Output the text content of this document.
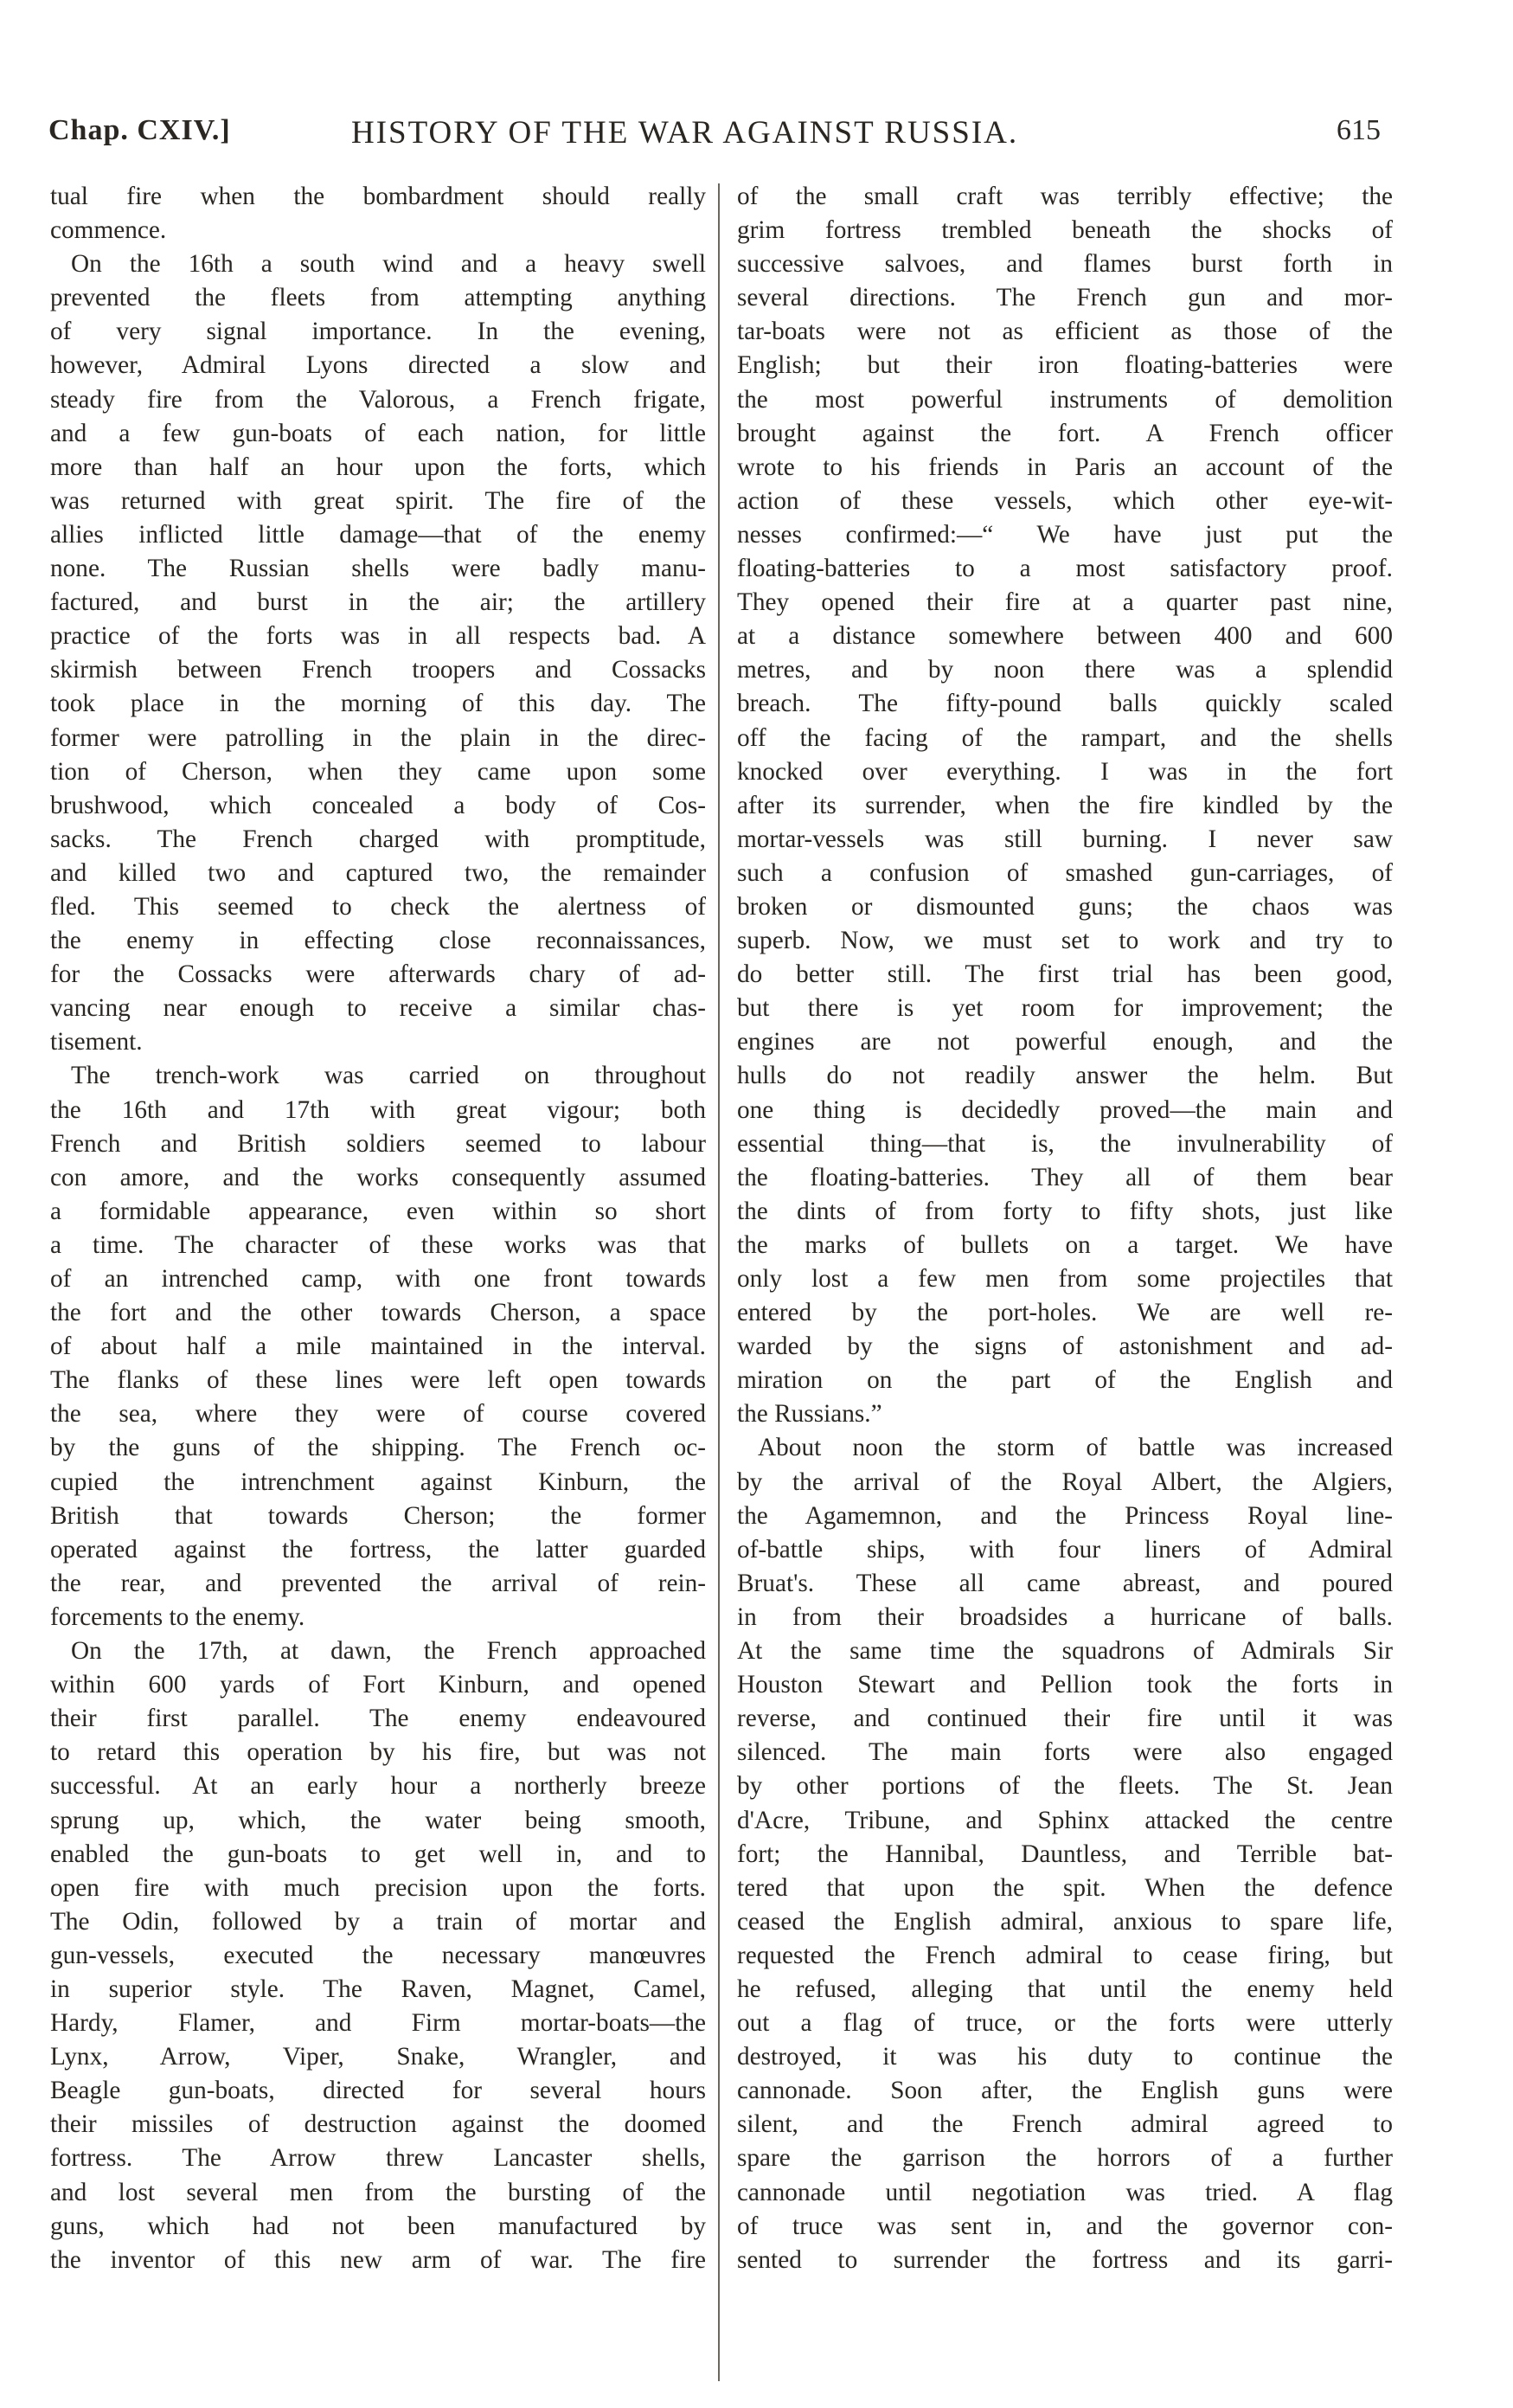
Chap. CXIV.]	HISTORY OF THE WAR AGAINST RUSSIA.	615

tual fire when the bombardment should really

commence.

On the 16th a south wind and a heavy swell

prevented the fleets from attempting anything

of very signal importance. In the evening,

however, Admiral Lyons directed a slow and

steady fire from the Valorous, a French frigate,

and a few gun-boats of each nation, for little

more than half an hour upon the forts, which

was returned with great spirit. The fire of the

allies inflicted little damage—that of the enemy

none. The Russian shells were badly manu-

factured, and burst in the air; the artillery

practice of the forts was in all respects bad. A

skirmish between French troopers and Cossacks

took place in the morning of this day. The

former were patrolling in the plain in the direc-

tion of Cherson, when they came upon some

brushwood, which concealed a body of Cos-

sacks. The French charged with promptitude,

and killed two and captured two, the remainder

fled. This seemed to check the alertness of

the enemy in effecting close reconnaissances,

for the Cossacks were afterwards chary of ad-

vancing near enough to receive a similar chas-

tisement.

The trench-work was carried on throughout

the 16th and 17th with great vigour; both

French and British soldiers seemed to labour

con amore, and the works consequently assumed

a formidable appearance, even within so short

a time. The character of these works was that

of an intrenched camp, with one front towards

the fort and the other towards Cherson, a space

of about half a mile maintained in the interval.

The flanks of these lines were left open towards

the sea, where they were of course covered

by the guns of the shipping. The French oc-

cupied the intrenchment against Kinburn, the

British that towards Cherson; the former

operated against the fortress, the latter guarded

the rear, and prevented the arrival of rein-

forcements to the enemy.

On the 17th, at dawn, the French approached

within 600 yards of Fort Kinburn, and opened

their first parallel. The enemy endeavoured

to retard this operation by his fire, but was not

successful. At an early hour a northerly breeze

sprung up, which, the water being smooth,

enabled the gun-boats to get well in, and to

open fire with much precision upon the forts.

The Odin, followed by a train of mortar and

gun-vessels, executed the necessary manœuvres

in superior style. The Raven, Magnet, Camel,

Hardy, Flamer, and Firm mortar-boats—the

Lynx, Arrow, Viper, Snake, Wrangler, and

Beagle gun-boats, directed for several hours

their missiles of destruction against the doomed

fortress. The Arrow threw Lancaster shells,

and lost several men from the bursting of the

guns, which had not been manufactured by

the inventor of this new arm of war. The fire

of the small craft was terribly effective; the

grim fortress trembled beneath the shocks of

successive salvoes, and flames burst forth in

several directions. The French gun and mor-

tar-boats were not as efficient as those of the

English; but their iron floating-batteries were

the most powerful instruments of demolition

brought against the fort. A French officer

wrote to his friends in Paris an account of the

action of these vessels, which other eye-wit-

nesses confirmed:—“ We have just put the

floating-batteries to a most satisfactory proof.

They opened their fire at a quarter past nine,

at a distance somewhere between 400 and 600

metres, and by noon there was a splendid

breach. The fifty-pound balls quickly scaled

off the facing of the rampart, and the shells

knocked over everything. I was in the fort

after its surrender, when the fire kindled by the

mortar-vessels was still burning. I never saw

such a confusion of smashed gun-carriages, of

broken or dismounted guns; the chaos was

superb. Now, we must set to work and try to

do better still. The first trial has been good,

but there is yet room for improvement; the

engines are not powerful enough, and the

hulls do not readily answer the helm. But

one thing is decidedly proved—the main and

essential thing—that is, the invulnerability of

the floating-batteries. They all of them bear

the dints of from forty to fifty shots, just like

the marks of bullets on a target. We have

only lost a few men from some projectiles that

entered by the port-holes. We are well re-

warded by the signs of astonishment and ad-

miration on the part of the English and

the Russians.”

About noon the storm of battle was increased

by the arrival of the Royal Albert, the Algiers,

the Agamemnon, and the Princess Royal line-

of-battle ships, with four liners of Admiral

Bruat's. These all came abreast, and poured

in from their broadsides a hurricane of balls.

At the same time the squadrons of Admirals Sir

Houston Stewart and Pellion took the forts in

reverse, and continued their fire until it was

silenced. The main forts were also engaged

by other portions of the fleets. The St. Jean

d'Acre, Tribune, and Sphinx attacked the centre

fort; the Hannibal, Dauntless, and Terrible bat-

tered that upon the spit. When the defence

ceased the English admiral, anxious to spare life,

requested the French admiral to cease firing, but

he refused, alleging that until the enemy held

out a flag of truce, or the forts were utterly

destroyed, it was his duty to continue the

cannonade. Soon after, the English guns were

silent, and the French admiral agreed to

spare the garrison the horrors of a further

cannonade until negotiation was tried. A flag

of truce was sent in, and the governor con-

sented to surrender the fortress and its garri-
